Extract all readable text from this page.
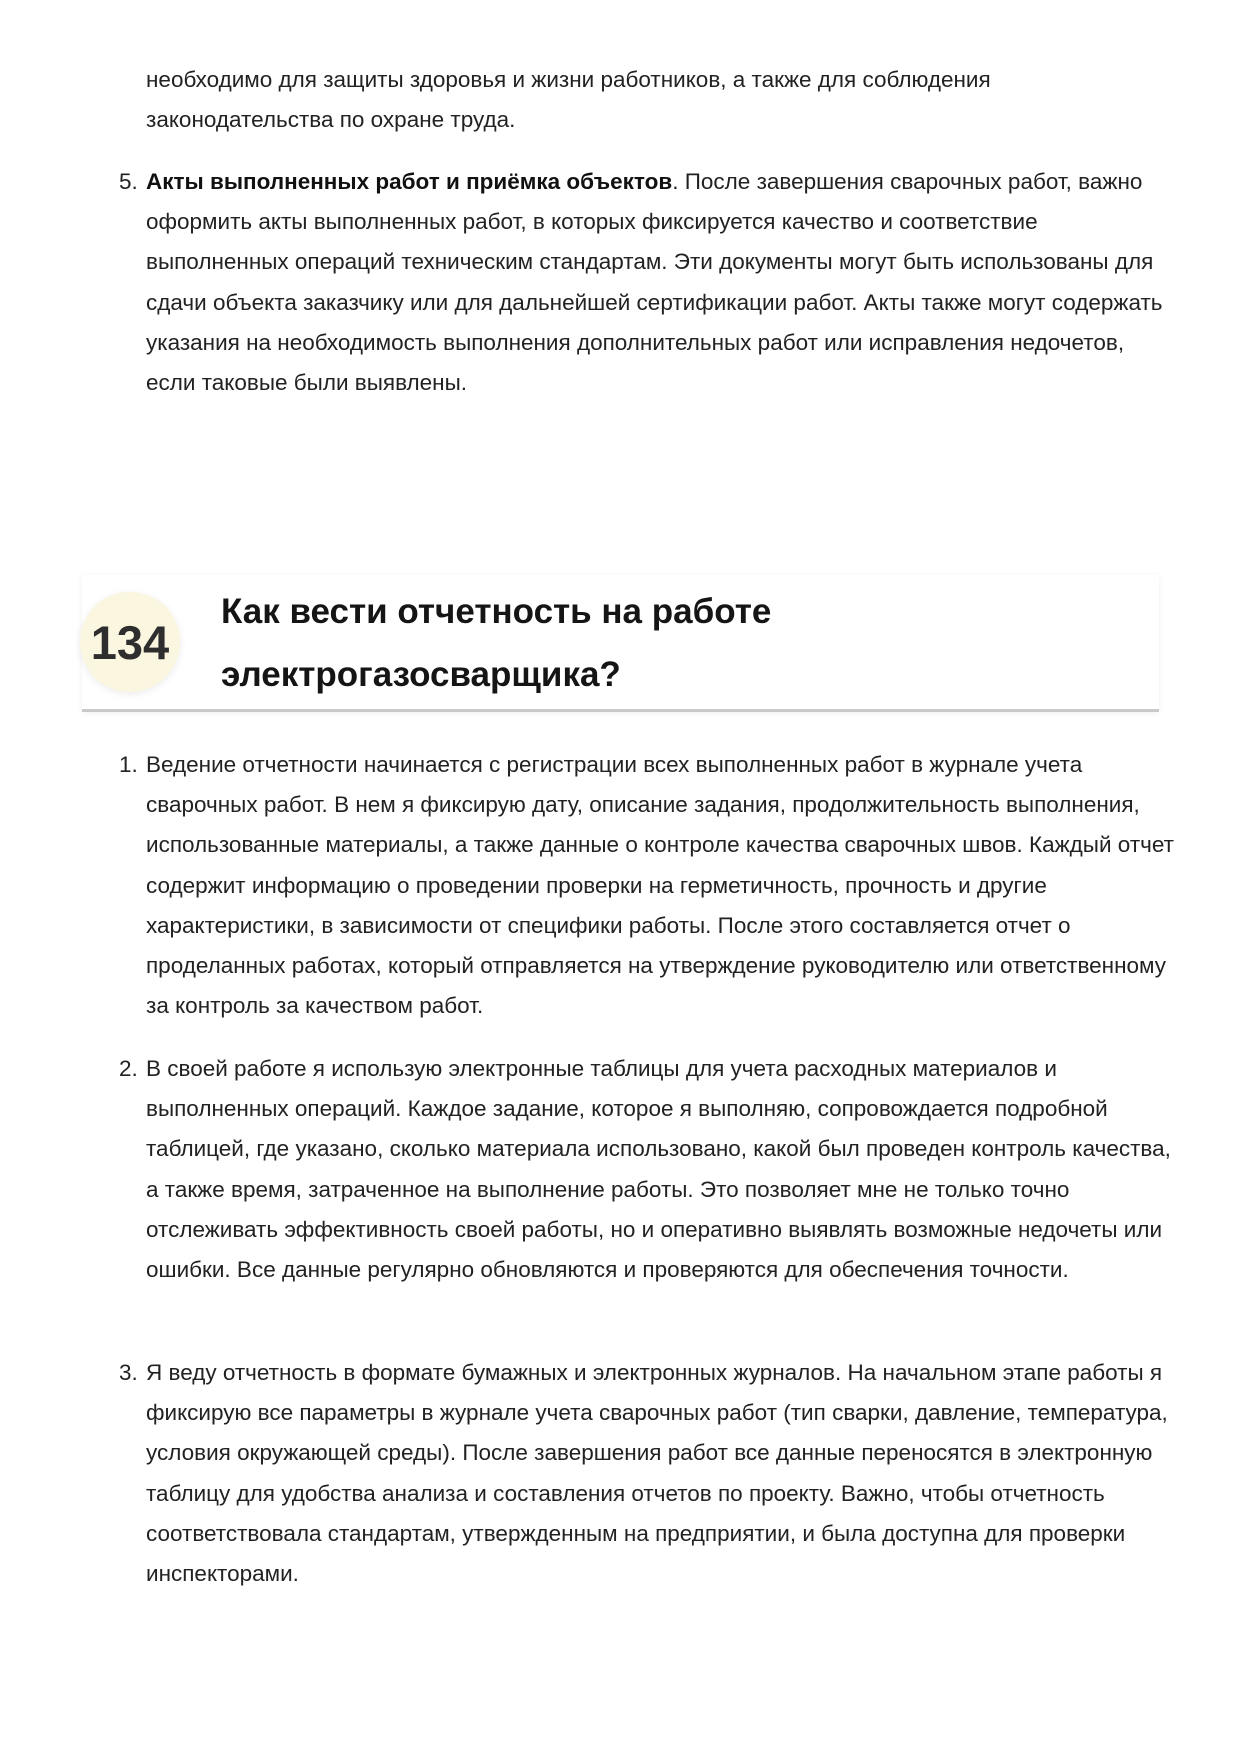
необходимо для защиты здоровья и жизни работников, а также для соблюдения
законодательства по охране труда.
5. Акты выполненных работ и приёмка объектов. После завершения сварочных работ, важно оформить акты выполненных работ, в которых фиксируется качество и соответствие выполненных операций техническим стандартам. Эти документы могут быть использованы для сдачи объекта заказчику или для дальнейшей сертификации работ. Акты также могут содержать указания на необходимость выполнения дополнительных работ или исправления недочетов, если таковые были выявлены.
134
Как вести отчетность на работе электрогазосварщика?
1. Ведение отчетности начинается с регистрации всех выполненных работ в журнале учета сварочных работ. В нем я фиксирую дату, описание задания, продолжительность выполнения, использованные материалы, а также данные о контроле качества сварочных швов. Каждый отчет содержит информацию о проведении проверки на герметичность, прочность и другие характеристики, в зависимости от специфики работы. После этого составляется отчет о проделанных работах, который отправляется на утверждение руководителю или ответственному за контроль за качеством работ.
2. В своей работе я использую электронные таблицы для учета расходных материалов и выполненных операций. Каждое задание, которое я выполняю, сопровождается подробной таблицей, где указано, сколько материала использовано, какой был проведен контроль качества, а также время, затраченное на выполнение работы. Это позволяет мне не только точно отслеживать эффективность своей работы, но и оперативно выявлять возможные недочеты или ошибки. Все данные регулярно обновляются и проверяются для обеспечения точности.
3. Я веду отчетность в формате бумажных и электронных журналов. На начальном этапе работы я фиксирую все параметры в журнале учета сварочных работ (тип сварки, давление, температура, условия окружающей среды). После завершения работ все данные переносятся в электронную таблицу для удобства анализа и составления отчетов по проекту. Важно, чтобы отчетность соответствовала стандартам, утвержденным на предприятии, и была доступна для проверки инспекторами.
